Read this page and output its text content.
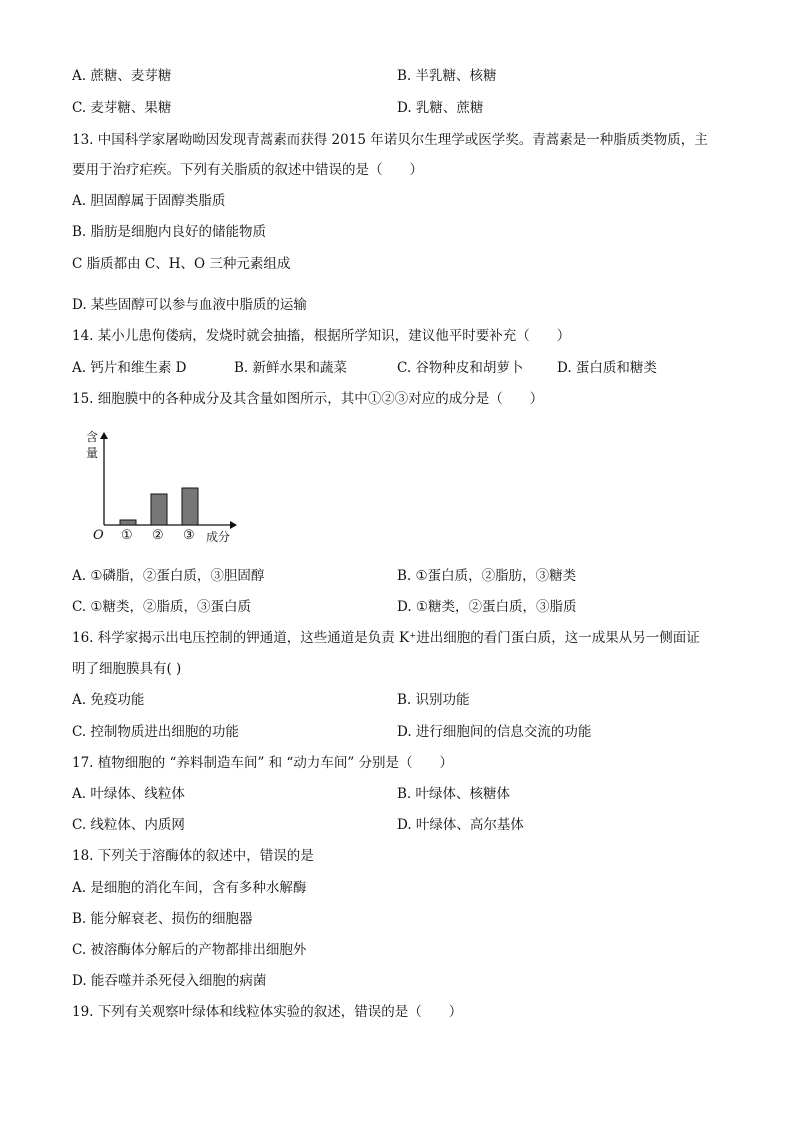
A. 蔗糖、麦芽糖	B. 半乳糖、核糖

C. 麦芽糖、果糖	D. 乳糖、蔗糖

13. 中国科学家屠呦呦因发现青蒿素而获得 2015 年诺贝尔生理学或医学奖。青蒿素是一种脂质类物质，主

要用于治疗疟疾。下列有关脂质的叙述中错误的是（　　）

A. 胆固醇属于固醇类脂质

B. 脂肪是细胞内良好的储能物质

C 脂质都由 C、H、O 三种元素组成

D. 某些固醇可以参与血液中脂质的运输

14. 某小儿患佝偻病，发烧时就会抽搐，根据所学知识，建议他平时要补充（　　）

A. 钙片和维生素 D	B. 新鲜水果和蔬菜	C. 谷物种皮和胡萝卜 D. 蛋白质和糖类

15. 细胞膜中的各种成分及其含量如图所示，其中①②③对应的成分是（　　）

含
量
O ① ② ③ 成分

A. ①磷脂，②蛋白质，③胆固醇	B. ①蛋白质，②脂肪，③糖类

C. ①糖类，②脂质，③蛋白质	D. ①糖类，②蛋白质，③脂质

16. 科学家揭示出电压控制的钾通道，这些通道是负责 K⁺进出细胞的看门蛋白质，这一成果从另一侧面证

明了细胞膜具有( )

A. 免疫功能	B. 识别功能

C. 控制物质进出细胞的功能	D. 进行细胞间的信息交流的功能

17. 植物细胞的 “养料制造车间” 和 “动力车间” 分别是（　　）

A. 叶绿体、线粒体	B. 叶绿体、核糖体

C. 线粒体、内质网	D. 叶绿体、高尔基体

18. 下列关于溶酶体的叙述中，错误的是

A. 是细胞的消化车间，含有多种水解酶

B. 能分解衰老、损伤的细胞器

C. 被溶酶体分解后的产物都排出细胞外

D. 能吞噬并杀死侵入细胞的病菌

19. 下列有关观察叶绿体和线粒体实验的叙述，错误的是（　　）
